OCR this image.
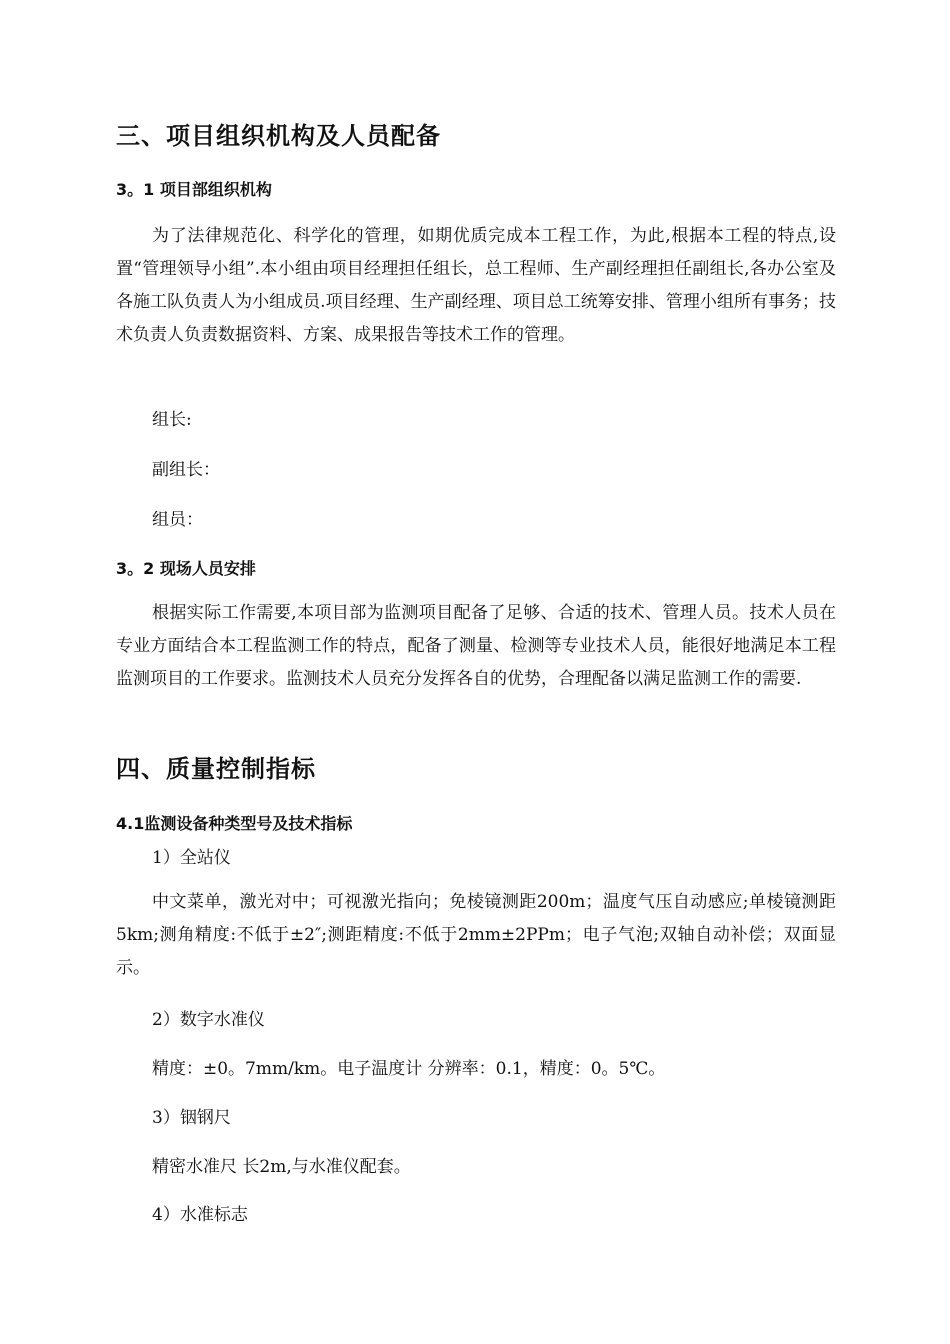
三、项目组织机构及人员配备
3。1 项目部组织机构
为了法律规范化、科学化的管理，如期优质完成本工程工作，为此,根据本工程的特点,设置“管理领导小组”.本小组由项目经理担任组长，总工程师、生产副经理担任副组长,各办公室及各施工队负责人为小组成员.项目经理、生产副经理、项目总工统筹安排、管理小组所有事务；技术负责人负责数据资料、方案、成果报告等技术工作的管理。
组长:
副组长：
组员：
3。2 现场人员安排
根据实际工作需要,本项目部为监测项目配备了足够、合适的技术、管理人员。技术人员在专业方面结合本工程监测工作的特点，配备了测量、检测等专业技术人员，能很好地满足本工程监测项目的工作要求。监测技术人员充分发挥各自的优势，合理配备以满足监测工作的需要.
四、质量控制指标
4.1监测设备种类型号及技术指标
1）全站仪
中文菜单，激光对中；可视激光指向；免棱镜测距200m；温度气压自动感应;单棱镜测距5km;测角精度:不低于±2″;测距精度:不低于2mm±2PPm；电子气泡;双轴自动补偿；双面显示。
2）数字水准仪
精度：±0。7mm/km。电子温度计 分辨率：0.1，精度：0。5℃。
3）铟钢尺
精密水准尺 长2m,与水准仪配套。
4）水准标志
